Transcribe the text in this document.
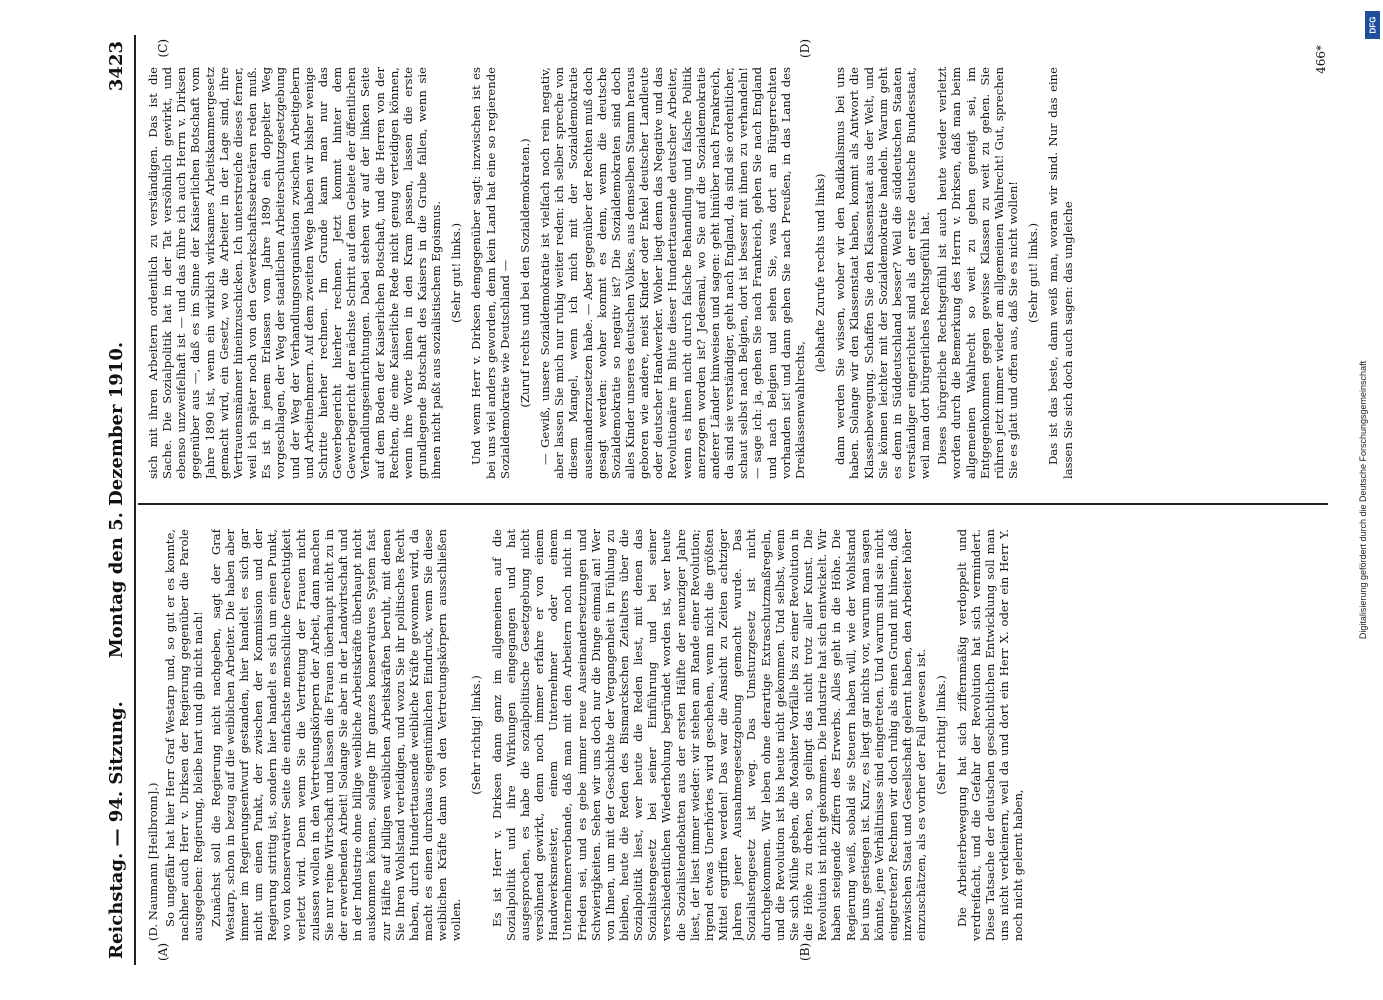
Reichstag. — 94. Sitzung.
Montag den 5. Dezember 1910.
3423

(D. Naumann [Heilbronn].) So ungefähr hat hier Herr Graf Westarp und, so gut er es konnte, nachher auch Herr v. Dirksen der Regierung gegenüber die Parole ausgegeben: Regierung, bleibe hart und gib nicht nach! Zunächst soll die Regierung nicht nachgeben, sagt der Graf Westarp, schon in bezug auf die weiblichen Arbeiter. Die haben aber immer im Regierungsentwurf gestanden, hier handelt es sich gar nicht um einen Punkt, der zwischen der Kommission und der Regierung strittig ist, sondern hier handelt es sich um einen Punkt, wo von konservativer Seite die einfachste menschliche Gerechtigkeit verletzt wird. Denn wenn Sie die Vertretung der Frauen nicht zulassen wollen in den Vertretungskörpern der Arbeit, dann machen Sie nur reine Wirtschaft und lassen die Frauen überhaupt nicht zu in der erwerbenden Arbeit! Solange Sie aber in der Landwirtschaft und in der Industrie ohne billige weibliche Arbeitskräfte überhaupt nicht auskommen können, solange Ihr ganzes konservatives System fast zur Hälfte auf billigen weiblichen Arbeitskräften beruht, mit denen Sie Ihren Wohlstand verteidigen, und wozu Sie ihr politisches Recht haben, durch Hunderttausende weibliche Kräfte gewonnen wird, da macht es einen durchaus eigentümlichen Eindruck, wenn Sie diese weiblichen Kräfte dann von den Vertretungskörpern ausschließen wollen.

(Sehr richtig! links.) Es ist Herr v. Dirksen dann ganz im allgemeinen auf die Sozialpolitik und ihre Wirkungen eingegangen und hat ausgesprochen, es habe die sozialpolitische Gesetzgebung nicht versöhnend gewirkt, denn noch immer erfahre er von einem Handwerksmeister, einem Unternehmer oder einem Unternehmerverbande, daß man mit den Arbeitern noch nicht in Frieden sei, und es gebe immer neue Auseinandersetzungen und Schwierigkeiten. Sehen wir uns doch nur die Dinge einmal an! Wer von Ihnen, um mit der Geschichte der Vergangenheit in Fühlung zu bleiben, heute die Reden des Bismarckschen Zeitalters über die Sozialpolitik liest, wer heute die Reden liest, mit denen das Sozialistengesetz bei seiner Einführung und bei seiner verschiedentlichen Wiederholung begründet worden ist, wer heute die Sozialistendebatten aus der ersten Hälfte der neunziger Jahre liest, der liest immer wieder: wir stehen am Rande einer Revolution; irgend etwas Unerhörtes wird geschehen, wenn nicht die größten Mittel ergriffen werden! Das war die Ansicht zu Zeiten achtziger Jahren jener Ausnahmegesetzgebung gemacht wurde. Das Sozialistengesetz ist weg. Das Umsturzgesetz ist nicht durchgekommen. Wir leben ohne derartige Extraschutzmaßregeln, und die Revolution ist bis heute nicht gekommen. Und selbst, wenn Sie sich Mühe geben, die Moabiter Vorfälle bis zu einer Revolution in die Höhe zu drehen, so gelingt das nicht trotz aller Kunst. Die Revolution ist nicht gekommen. Die Industrie hat sich entwickelt. Wir haben steigende Ziffern des Erwerbs. Alles geht in die Höhe. Die Regierung weiß, sobald sie Steuern haben will, wie der Wohlstand bei uns gestiegen ist. Kurz, es liegt gar nichts vor, warum man sagen könnte, jene Verhältnisse sind eingetreten. Und warum sind sie nicht eingetreten? Rechnen wir doch ruhig als einen Grund mit hinein, daß inzwischen Staat und Gesellschaft gelernt haben, den Arbeiter höher einzuschätzen, als es vorher der Fall gewesen ist. (Sehr richtig! links.) Die Arbeiterbewegung hat sich ziffernmäßig verdoppelt und verdreifacht, und die Gefahr der Revolution hat sich vermindert. Diese Tatsache der deutschen geschichtlichen Entwicklung soll man uns nicht verkleinern, weil da und dort ein Herr X. oder ein Herr Y. noch nicht gelernt haben,

sich mit ihren Arbeitern ordentlich zu verständigen. Das ist die Sache. Die Sozialpolitik hat in der Tat versöhnlich gewirkt, und ebenso unzweifelhaft ist — und das führe ich auch Herrn v. Dirksen gegenüber aus —, daß es im Sinne der Kaiserlichen Botschaft vom Jahre 1890 ist, wenn ein wirklich wirksames Arbeitskammergesetz gemacht wird, ein Gesetz, wo die Arbeiter in der Lage sind, ihre Vertrauensmänner hineinzuschicken. Ich unterstreiche dieses ferner, weil ich später noch von den Gewerkschaftssekretären reden muß. Es ist in jenem Erlassen vom Jahre 1890 ein doppelter Weg vorgeschlagen, der Weg der staatlichen Arbeiterschutzgesetzgebung und der Weg der Verhandlungsorganisation zwischen Arbeitgebern und Arbeitnehmern. Auf dem zweiten Wege haben wir bisher wenige Schritte hierher rechnen. Im Grunde kann man nur das Gewerbegericht hierher rechnen. Jetzt kommt hinter dem Gewerbegericht der nächste Schritt auf dem Gebiete der öffentlichen Verhandlungseinrichtungen. Dabei stehen wir auf der linken Seite auf dem Boden der Kaiserlichen Botschaft, und die Herren von der Rechten, die eine Kaiserliche Rede nicht genug verteidigen können, wenn ihre Worte ihnen in den Kram passen, lassen die erste grundlegende Botschaft des Kaisers in die Grube fallen, wenn sie ihnen nicht paßt aus sozialistischem Egoismus. (Sehr gut! links.) Und wenn Herr v. Dirksen demgegenüber sagt: inzwischen ist es bei uns viel anders geworden, denn kein Land hat eine so regierende Sozialdemokratie wie Deutschland — (Zuruf rechts und bei den Sozialdemokraten.) — Gewiß, unsere Sozialdemokratie ist vielfach noch rein negativ, aber lassen Sie mich nur ruhig weiter reden: ich selber spreche von diesem Mangel, wenn ich mich mit der Sozialdemokratie auseinanderzusetzen habe. — Aber gegenüber der Rechten muß doch gesagt werden: woher kommt es denn, wenn die deutsche Sozialdemokratie so negativ ist? Die Sozialdemokraten sind doch alles Kinder unseres deutschen Volkes, aus demselben Stamm heraus geboren wie andere, meist Kinder oder Enkel deutscher Landleute oder deutscher Handwerker. Woher liegt denn das Negative und das Revolutionäre im Blute dieser Hunderttausende deutscher Arbeiter, wenn es ihnen nicht durch falsche Behandlung und falsche Politik anerzogen worden ist? Jedesmal, wo Sie auf die Sozialdemokratie anderer Länder hinweisen und sagen: geht hinüber nach Frankreich, da sind sie verständiger, geht nach England, da sind sie ordentlicher, schaut selbst nach Belgien, dort ist besser mit ihnen zu verhandeln! — sage ich: ja, gehen Sie nach Frankreich, gehen Sie nach England und nach Belgien und sehen Sie, was dort an Bürgerrechten vorhanden ist! und dann gehen Sie nach Preußen, in das Land des Dreiklassenwahlrechts,

(lebhafte Zurufe rechts und links) dann werden Sie wissen, woher wir den Radikalismus bei uns haben. Solange wir den Klassenstaat haben, kommt als Antwort die Klassenbewegung. Schaffen Sie den Klassenstaat aus der Welt, und Sie können leichter mit der Sozialdemokratie handeln. Warum geht es denn in Süddeutschland besser? Weil die süddeutschen Staaten verständiger eingerichtet sind als der erste deutsche Bundesstaat, weil man dort bürgerliches Rechtsgefühl hat. Dieses bürgerliche Rechtsgefühl ist auch heute wieder verletzt worden durch die Bemerkung des Herrn v. Dirksen, daß man beim allgemeinen Wahlrecht so weit zu gehen geneigt sei, im Entgegenkommen gegen gewisse Klassen zu weit zu gehen. Sie rühren jetzt immer wieder am allgemeinen Wahlrecht! Gut, sprechen Sie es glatt und offen aus, daß Sie es nicht wollen! (Sehr gut! links.) Das ist das beste, dann weiß man, woran wir sind. Nur das eine lassen Sie sich doch auch sagen: das ungleiche

(A)	(B)
(C)	(D)	466*
DFG
Digitalisierung gefördert durch die Deutsche Forschungsgemeinschaft
